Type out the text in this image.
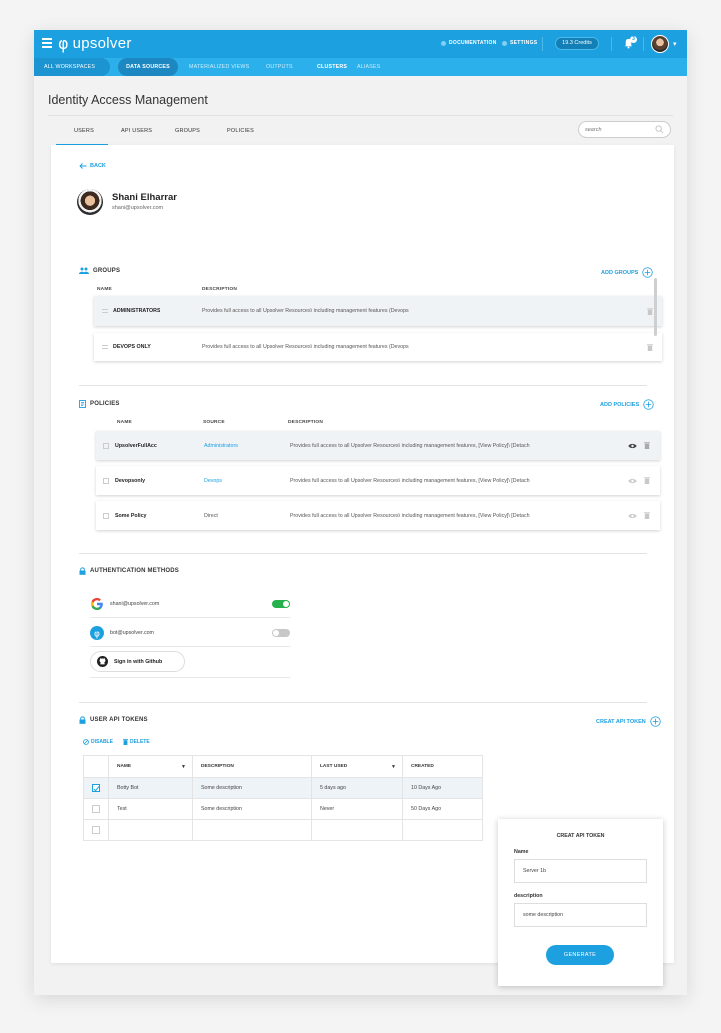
φ upsolver	DOCUMENTATION	SETTINGS	19.3 Credits
3
▾
ALL WORKSPACES	DATA SOURCES	MATERIALIZED VIEWS	OUTPUTS	CLUSTERS ALIASES
Identity Access Management
USERS	API USERS	GROUPS	POLICIES
search
BACK
Shani Elharrar
shani@upsolver.com
GROUPS	ADD GROUPS
NAME	DESCRIPTION
ADMINISTRATORS	Provides full access to all Upsolver Resources\ including management features (Devops
DEVOPS ONLY	Provides full access to all Upsolver Resources\ including management features (Devops
POLICIES	ADD POLICIES
NAME	SOURCE	DESCRIPTION
UpsolverFullAcc	Administrators	Provides full access to all Upsolver Resources\ including management features, [View Policy]\ [Detach
Devopsonly	Devops	Provides full access to all Upsolver Resources\ including management features, [View Policy]\ [Detach
Some Policy	Direct	Provides full access to all Upsolver Resources\ including management features, [View Policy]\ [Detach
AUTHENTICATION METHODS
shani@upsolver.com
φ bot@upsolver.com
Sign in with Github
USER API TOKENS	CREAT API TOKEN
DISABLE	DELETE
	NAME ▼	DESCRIPTION	LAST USED ▼	CREATED
	Botty Bot	Some description	5 days ago	10 Days Ago
	Test	Some description	Never	50 Days Ago

CREAT API TOKEN
Name
Server 1b
description
some description
GENERATE
